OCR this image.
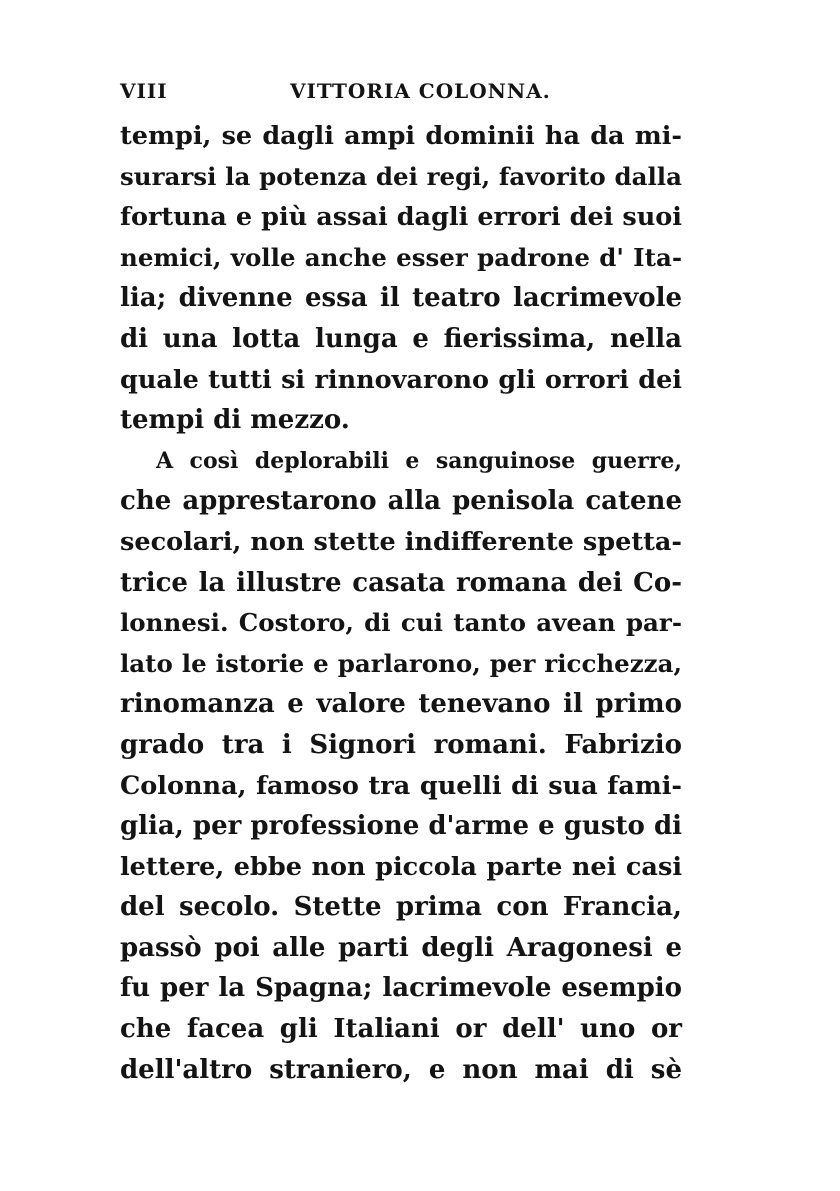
VIII	VITTORIA COLONNA.
tempi, se dagli ampi dominii ha da mi-
surarsi la potenza dei regi, favorito dalla
fortuna e più assai dagli errori dei suoi
nemici, volle anche esser padrone d' Ita-
lia; divenne essa il teatro lacrimevole
di una lotta lunga e fierissima, nella
quale tutti si rinnovarono gli orrori dei
tempi di mezzo.
A così deplorabili e sanguinose guerre,
che apprestarono alla penisola catene
secolari, non stette indifferente spetta-
trice la illustre casata romana dei Co-
lonnesi. Costoro, di cui tanto avean par-
lato le istorie e parlarono, per ricchezza,
rinomanza e valore tenevano il primo
grado tra i Signori romani. Fabrizio
Colonna, famoso tra quelli di sua fami-
glia, per professione d'arme e gusto di
lettere, ebbe non piccola parte nei casi
del secolo. Stette prima con Francia,
passò poi alle parti degli Aragonesi e
fu per la Spagna; lacrimevole esempio
che facea gli Italiani or dell' uno or
dell'altro straniero, e non mai di sè
